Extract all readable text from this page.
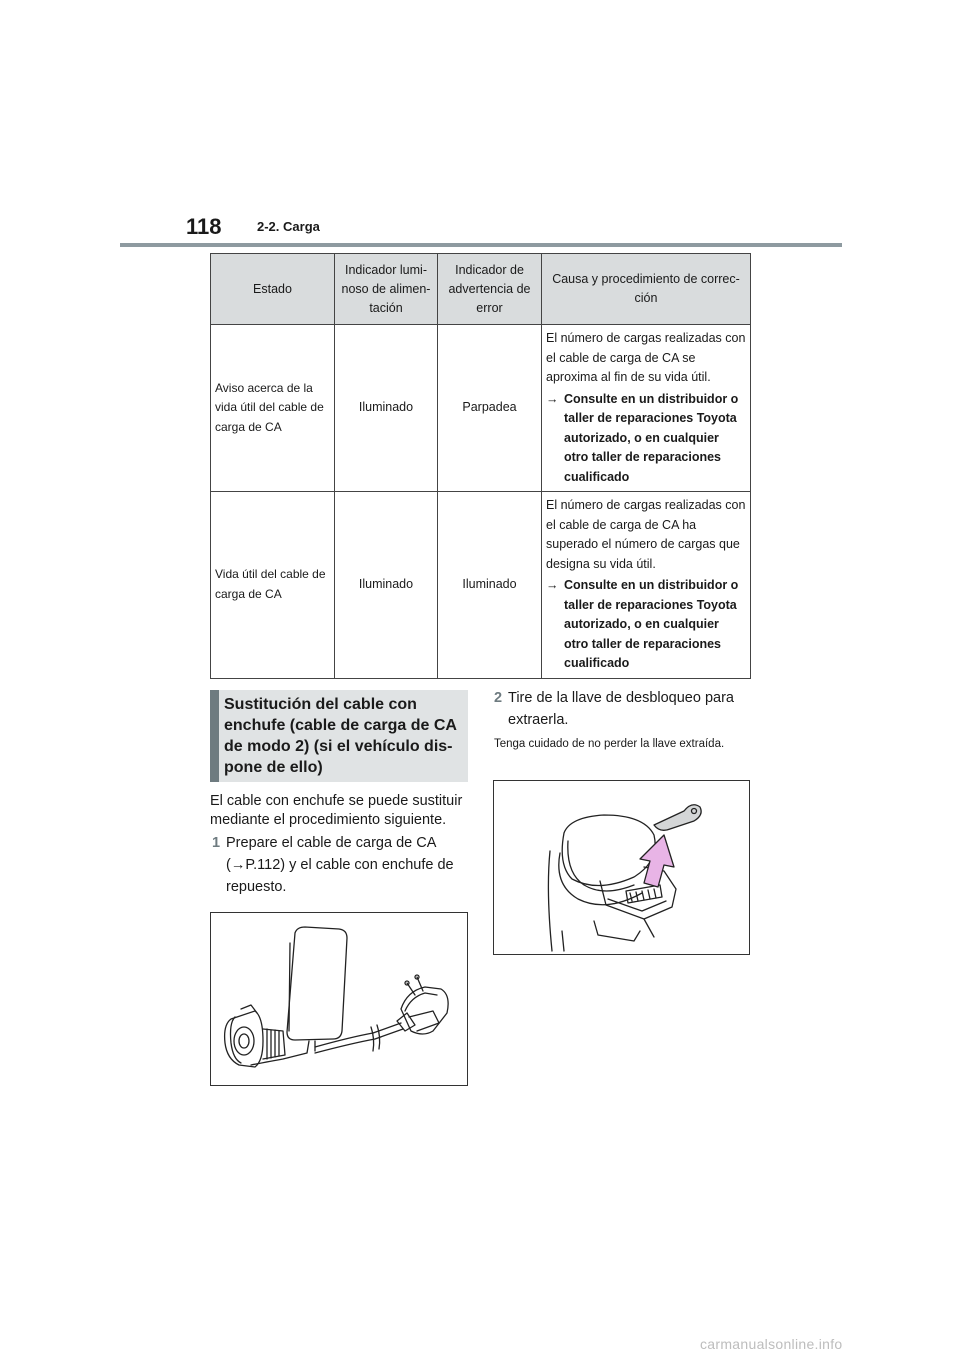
118	2-2. Carga
Estado	Indicador lumi-noso de alimen-tación	Indicador de advertencia de error	Causa y procedimiento de correc-ción
Aviso acerca de la vida útil del cable de carga de CA	Iluminado	Parpadea	El número de cargas realizadas con el cable de carga de CA se aproxima al fin de su vida útil.

→ Consulte en un distribuidor o taller de reparaciones Toyota autorizado, o en cualquier otro taller de reparaciones cualificado

Vida útil del cable de carga de CA	Iluminado	Iluminado	El número de cargas realizadas con el cable de carga de CA ha superado el número de cargas que designa su vida útil.

→ Consulte en un distribuidor o taller de reparaciones Toyota autorizado, o en cualquier otro taller de reparaciones cualificado

Sustitución del cable con enchufe (cable de carga de CA de modo 2) (si el vehículo dis-pone de ello)

El cable con enchufe se puede sustituir mediante el procedimiento siguiente.

1 Prepare el cable de carga de CA (→P.112) y el cable con enchufe de repuesto.
2 Tire de la llave de desbloqueo para extraerla.

Tenga cuidado de no perder la llave extraída.

carmanualsonline.info
